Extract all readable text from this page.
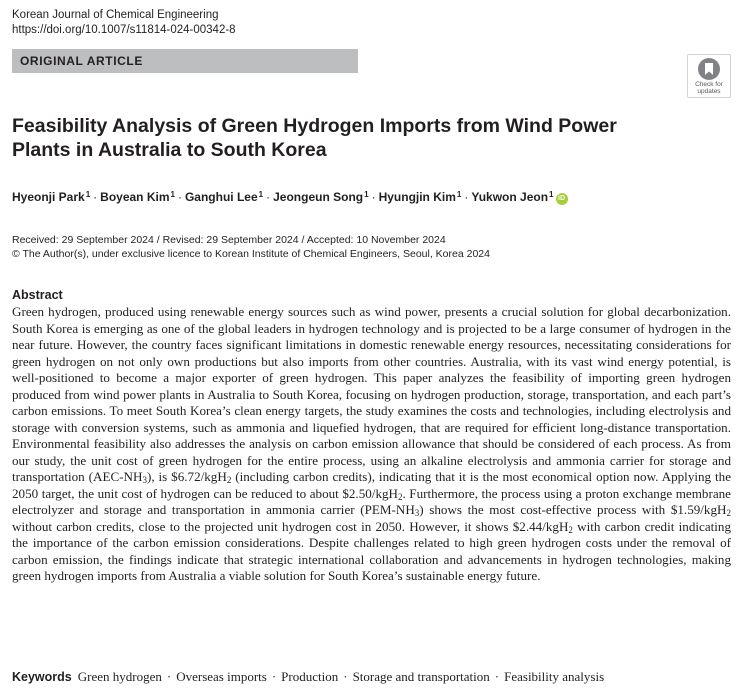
Korean Journal of Chemical Engineering
https://doi.org/10.1007/s11814-024-00342-8
ORIGINAL ARTICLE
Check for
updates
Feasibility Analysis of Green Hydrogen Imports from Wind Power Plants in Australia to South Korea
Hyeonji Park$^1$ · Boyean Kim$^1$ · Ganghui Lee$^1$ · Jeongeun Song$^1$ · Hyungjin Kim$^1$ · Yukwon Jeon$^1$ iD
Received: 29 September 2024 / Revised: 29 September 2024 / Accepted: 10 November 2024
© The Author(s), under exclusive licence to Korean Institute of Chemical Engineers, Seoul, Korea 2024
Abstract

Green hydrogen, produced using renewable energy sources such as wind power, presents a crucial solution for global decarbonization. South Korea is emerging as one of the global leaders in hydrogen technology and is projected to be a large consumer of hydrogen in the near future. However, the country faces significant limitations in domestic renewable energy resources, necessitating considerations for green hydrogen on not only own productions but also imports from other countries. Australia, with its vast wind energy potential, is well-positioned to become a major exporter of green hydrogen. This paper analyzes the feasibility of importing green hydrogen produced from wind power plants in Australia to South Korea, focusing on hydrogen production, storage, transportation, and each part’s carbon emissions. To meet South Korea’s clean energy targets, the study examines the costs and technologies, including electrolysis and storage with conversion systems, such as ammonia and liquefied hydrogen, that are required for efficient long-distance transportation. Environmental feasibility also addresses the analysis on carbon emission allowance that should be considered of each process. As from our study, the unit cost of green hydrogen for the entire process, using an alkaline electrolysis and ammonia carrier for storage and transportation $(AEC-NH_3)$, is $6.72/kgH$_2$ (including carbon credits), indicating that it is the most economical option now. Applying the 2050 target, the unit cost of hydrogen can be reduced to about $2.50/kgH$_2$. Furthermore, the process using a proton exchange membrane electrolyzer and storage and transportation in ammonia carrier $(PEM-NH_3)$ shows the most cost-effective process with $1.59/kgH$_2$ without carbon credits, close to the projected unit hydrogen cost in 2050. However, it shows $2.44/kgH$_2$ with carbon credit indicating the importance of the carbon emission considerations. Despite challenges related to high green hydrogen costs under the removal of carbon emission, the findings indicate that strategic international collaboration and advancements in hydrogen technologies, making green hydrogen imports from Australia a viable solution for South Korea’s sustainable energy future.

Keywords Green hydrogen · Overseas imports · Production · Storage and transportation · Feasibility analysis
